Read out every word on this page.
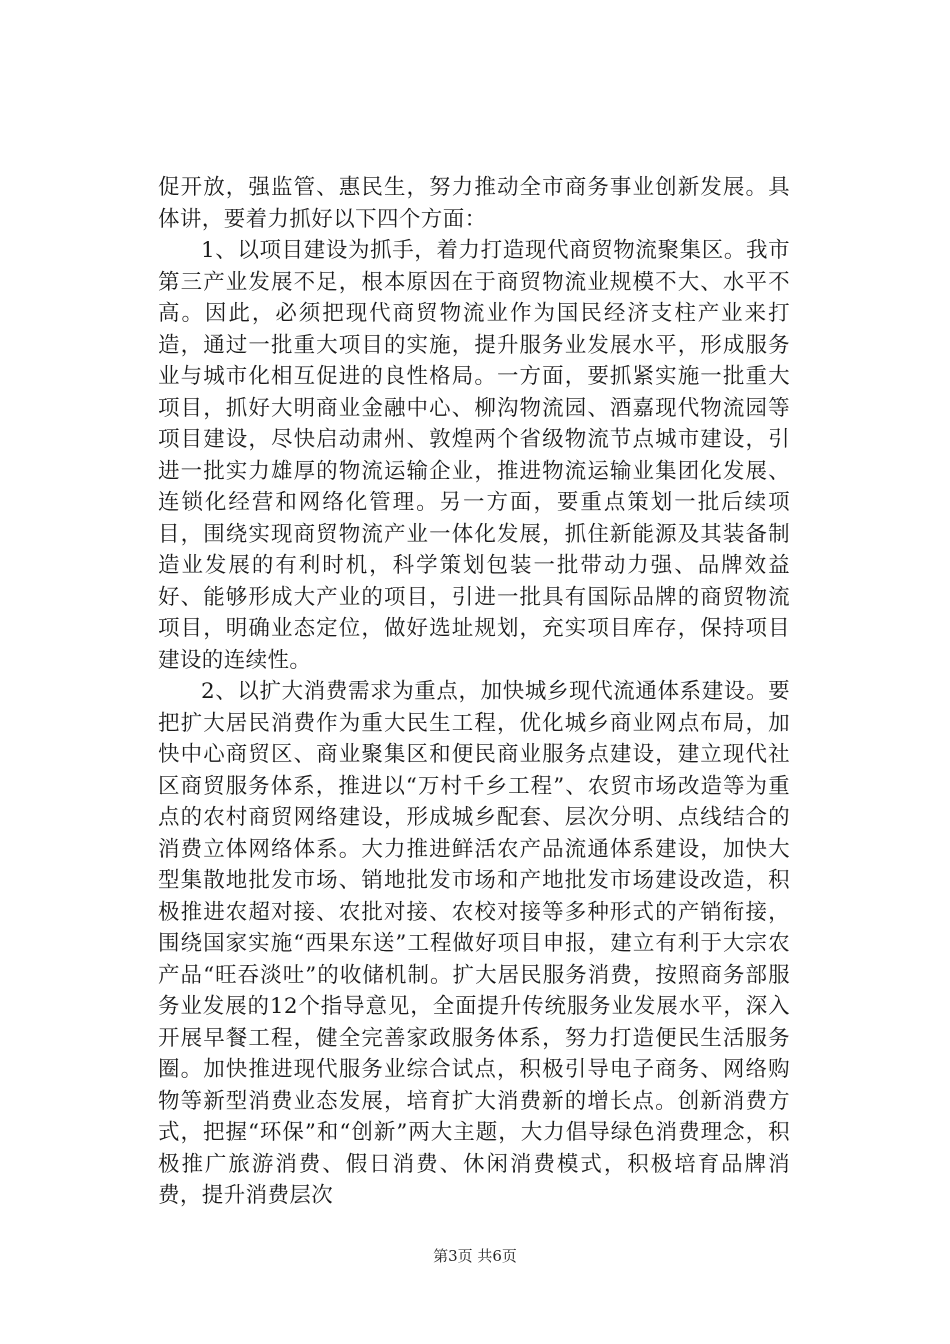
促开放，强监管、惠民生，努力推动全市商务事业创新发展。具体讲，要着力抓好以下四个方面：

1、以项目建设为抓手，着力打造现代商贸物流聚集区。我市第三产业发展不足，根本原因在于商贸物流业规模不大、水平不高。因此，必须把现代商贸物流业作为国民经济支柱产业来打造，通过一批重大项目的实施，提升服务业发展水平，形成服务业与城市化相互促进的良性格局。一方面，要抓紧实施一批重大项目，抓好大明商业金融中心、柳沟物流园、酒嘉现代物流园等项目建设，尽快启动肃州、敦煌两个省级物流节点城市建设，引进一批实力雄厚的物流运输企业，推进物流运输业集团化发展、连锁化经营和网络化管理。另一方面，要重点策划一批后续项目，围绕实现商贸物流产业一体化发展，抓住新能源及其装备制造业发展的有利时机，科学策划包装一批带动力强、品牌效益好、能够形成大产业的项目，引进一批具有国际品牌的商贸物流项目，明确业态定位，做好选址规划，充实项目库存，保持项目建设的连续性。

2、以扩大消费需求为重点，加快城乡现代流通体系建设。要把扩大居民消费作为重大民生工程，优化城乡商业网点布局，加快中心商贸区、商业聚集区和便民商业服务点建设，建立现代社区商贸服务体系，推进以“万村千乡工程”、农贸市场改造等为重点的农村商贸网络建设，形成城乡配套、层次分明、点线结合的消费立体网络体系。大力推进鲜活农产品流通体系建设，加快大型集散地批发市场、销地批发市场和产地批发市场建设改造，积极推进农超对接、农批对接、农校对接等多种形式的产销衔接，围绕国家实施“西果东送”工程做好项目申报，建立有利于大宗农产品“旺吞淡吐”的收储机制。扩大居民服务消费，按照商务部服务业发展的12个指导意见，全面提升传统服务业发展水平，深入开展早餐工程，健全完善家政服务体系，努力打造便民生活服务圈。加快推进现代服务业综合试点，积极引导电子商务、网络购物等新型消费业态发展，培育扩大消费新的增长点。创新消费方式，把握“环保”和“创新”两大主题，大力倡导绿色消费理念，积极推广旅游消费、假日消费、休闲消费模式，积极培育品牌消费，提升消费层次

第3页 共6页
